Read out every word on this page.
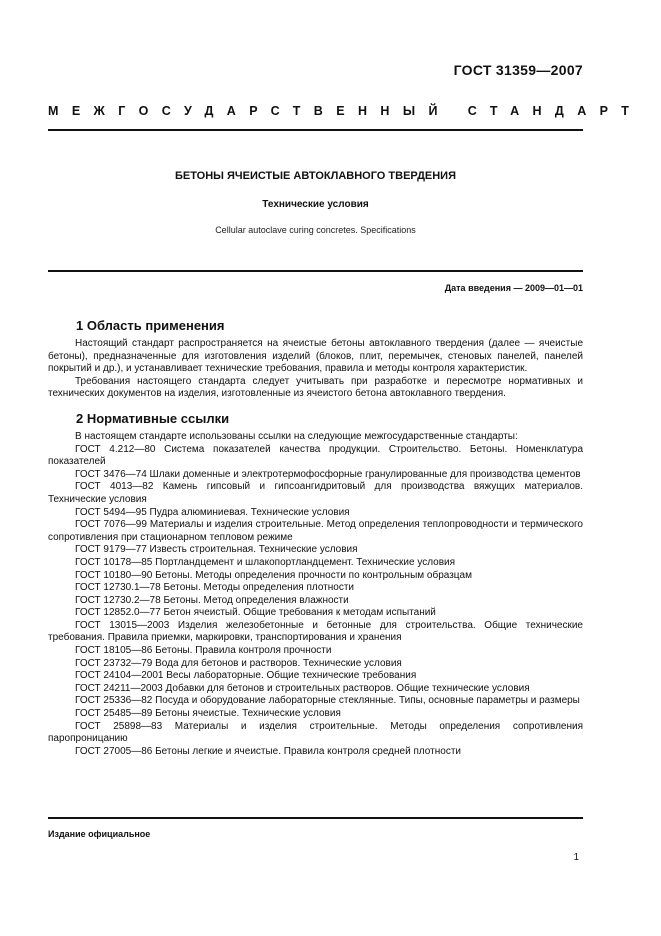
ГОСТ 31359—2007
МЕЖГОСУДАРСТВЕННЫЙ СТАНДАРТ
БЕТОНЫ ЯЧЕИСТЫЕ АВТОКЛАВНОГО ТВЕРДЕНИЯ
Технические условия
Cellular autoclave curing concretes. Specifications
Дата введения — 2009—01—01
1 Область применения

Настоящий стандарт распространяется на ячеистые бетоны автоклавного твердения (далее — ячеистые бетоны), предназначенные для изготовления изделий (блоков, плит, перемычек, стеновых панелей, панелей покрытий и др.), и устанавливает технические требования, правила и методы контроля характеристик.

Требования настоящего стандарта следует учитывать при разработке и пересмотре нормативных и технических документов на изделия, изготовленные из ячеистого бетона автоклавного твердения.

2 Нормативные ссылки

В настоящем стандарте использованы ссылки на следующие межгосударственные стандарты:

ГОСТ 4.212—80 Система показателей качества продукции. Строительство. Бетоны. Номенклатура показателей

ГОСТ 3476—74 Шлаки доменные и электротермофосфорные гранулированные для производства цементов

ГОСТ 4013—82 Камень гипсовый и гипсоангидритовый для производства вяжущих материалов. Технические условия

ГОСТ 5494—95 Пудра алюминиевая. Технические условия

ГОСТ 7076—99 Материалы и изделия строительные. Метод определения теплопроводности и термического сопротивления при стационарном тепловом режиме

ГОСТ 9179—77 Известь строительная. Технические условия

ГОСТ 10178—85 Портландцемент и шлакопортландцемент. Технические условия

ГОСТ 10180—90 Бетоны. Методы определения прочности по контрольным образцам

ГОСТ 12730.1—78 Бетоны. Методы определения плотности

ГОСТ 12730.2—78 Бетоны. Метод определения влажности

ГОСТ 12852.0—77 Бетон ячеистый. Общие требования к методам испытаний

ГОСТ 13015—2003 Изделия железобетонные и бетонные для строительства. Общие технические требования. Правила приемки, маркировки, транспортирования и хранения

ГОСТ 18105—86 Бетоны. Правила контроля прочности

ГОСТ 23732—79 Вода для бетонов и растворов. Технические условия

ГОСТ 24104—2001 Весы лабораторные. Общие технические требования

ГОСТ 24211—2003 Добавки для бетонов и строительных растворов. Общие технические условия

ГОСТ 25336—82 Посуда и оборудование лабораторные стеклянные. Типы, основные параметры и размеры

ГОСТ 25485—89 Бетоны ячеистые. Технические условия

ГОСТ 25898—83 Материалы и изделия строительные. Методы определения сопротивления паропроницанию

ГОСТ 27005—86 Бетоны легкие и ячеистые. Правила контроля средней плотности

Издание официальное
1
